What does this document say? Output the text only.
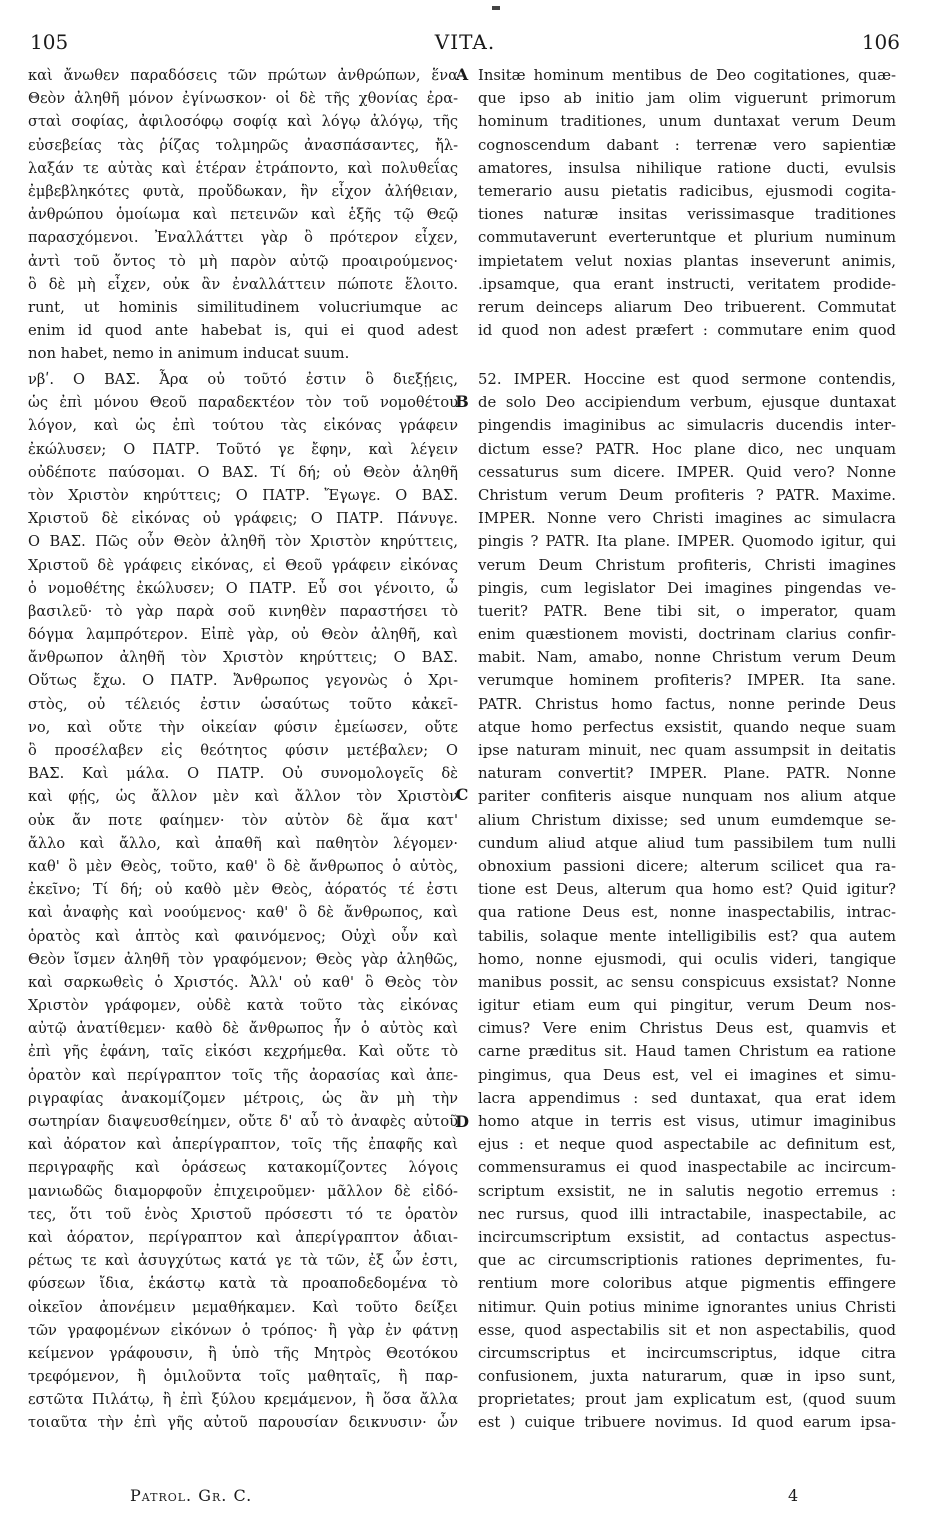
105	VITA.	106
A
B
C
D
καὶ ἄνωθεν παραδόσεις τῶν πρώτων ἀνθρώπων, ἕνα
Θεὸν ἀληθῆ μόνον ἐγίνωσκον· οἱ δὲ τῆς χθονίας ἐρα-
σταὶ σοφίας, ἀφιλοσόφῳ σοφίᾳ καὶ λόγῳ ἀλόγῳ, τῆς
εὐσεβείας τὰς ῥίζας τολμηρῶς ἀνασπάσαντες, ἤλ-
λαξάν τε αὐτὰς καὶ ἑτέραν ἐτράποντο, καὶ πολυθεΐας
ἐμβεβληκότες φυτὰ, προὔδωκαν, ἣν εἶχον ἀλήθειαν,
ἀνθρώπου ὁμοίωμα καὶ πετεινῶν καὶ ἑξῆς τῷ Θεῷ
παρασχόμενοι. Ἐναλλάττει γὰρ ὃ πρότερον εἶχεν,
ἀντὶ τοῦ ὄντος τὸ μὴ παρὸν αὐτῷ προαιρούμενος·
ὃ δὲ μὴ εἶχεν, οὐκ ἂν ἐναλλάττειν πώποτε ἕλοιτο.
Insitæ hominum mentibus de Deo cogitationes, quæ-
que ipso ab initio jam olim viguerunt primorum
hominum traditiones, unum duntaxat verum Deum
cognoscendum dabant : terrenæ vero sapientiæ
amatores, insulsa nihilique ratione ducti, evulsis
temerario ausu pietatis radicibus, ejusmodi cogita-
tiones naturæ insitas verissimasque traditiones
commutaverunt everteruntque et plurium numinum
impietatem velut noxias plantas inseverunt animis,
.ipsamque, qua erant instructi, veritatem prodide-
runt, ut hominis similitudinem volucriumque ac rerum deinceps aliarum Deo tribuerent. Commutat
enim id quod ante habebat is, qui ei quod adest id quod non adest præfert : commutare enim quod
non habet, nemo in animum inducat suum.
νβʹ. Ο ΒΑΣ. Ἆρα οὐ τοῦτό ἐστιν ὃ διεξῄεις,
ὡς ἐπὶ μόνου Θεοῦ παραδεκτέον τὸν τοῦ νομοθέτου
λόγον, καὶ ὡς ἐπὶ τούτου τὰς εἰκόνας γράφειν
ἐκώλυσεν; Ο ΠΑΤΡ. Τοῦτό γε ἔφην, καὶ λέγειν
οὐδέποτε παύσομαι. Ο ΒΑΣ. Τί δή; οὐ Θεὸν ἀληθῆ
τὸν Χριστὸν κηρύττεις; Ο ΠΑΤΡ. Ἔγωγε. Ο ΒΑΣ.
Χριστοῦ δὲ εἰκόνας οὐ γράφεις; Ο ΠΑΤΡ. Πάνυγε.
Ο ΒΑΣ. Πῶς οὖν Θεὸν ἀληθῆ τὸν Χριστὸν κηρύττεις,
Χριστοῦ δὲ γράφεις εἰκόνας, εἰ Θεοῦ γράφειν εἰκόνας
ὁ νομοθέτης ἐκώλυσεν; Ο ΠΑΤΡ. Εὖ σοι γένοιτο, ὦ
βασιλεῦ· τὸ γὰρ παρὰ σοῦ κινηθὲν παραστήσει τὸ
δόγμα λαμπρότερον. Εἰπὲ γὰρ, οὐ Θεὸν ἀληθῆ, καὶ
ἄνθρωπον ἀληθῆ τὸν Χριστὸν κηρύττεις; Ο ΒΑΣ.
Οὕτως ἔχω. Ο ΠΑΤΡ. Ἄνθρωπος γεγονὼς ὁ Χρι-
στὸς, οὐ τέλειός ἐστιν ὡσαύτως τοῦτο κἀκεῖ-
νο, καὶ οὔτε τὴν οἰκείαν φύσιν ἐμείωσεν, οὔτε
ὃ προσέλαβεν εἰς θεότητος φύσιν μετέβαλεν; Ο
ΒΑΣ. Καὶ μάλα. Ο ΠΑΤΡ. Οὐ συνομολογεῖς δὲ
καὶ φῄς, ὡς ἄλλον μὲν καὶ ἄλλον τὸν Χριστὸν
οὐκ ἄν ποτε φαίημεν· τὸν αὐτὸν δὲ ἅμα κατ'
ἄλλο καὶ ἄλλο, καὶ ἀπαθῆ καὶ παθητὸν λέγομεν·
καθ' ὃ μὲν Θεὸς, τοῦτο, καθ' ὃ δὲ ἄνθρωπος ὁ αὐτὸς,
ἐκεῖνο; Τί δή; οὐ καθὸ μὲν Θεὸς, ἀόρατός τέ ἐστι
καὶ ἀναφὴς καὶ νοούμενος· καθ' ὃ δὲ ἄνθρωπος, καὶ
ὁρατὸς καὶ ἁπτὸς καὶ φαινόμενος; Οὐχὶ οὖν καὶ
Θεὸν ἴσμεν ἀληθῆ τὸν γραφόμενον; Θεὸς γὰρ ἀληθῶς,
καὶ σαρκωθεὶς ὁ Χριστός. Ἀλλ' οὐ καθ' ὃ Θεὸς τὸν
Χριστὸν γράφομεν, οὐδὲ κατὰ τοῦτο τὰς εἰκόνας
αὐτῷ ἀνατίθεμεν· καθὸ δὲ ἄνθρωπος ἦν ὁ αὐτὸς καὶ
ἐπὶ γῆς ἐφάνη, ταῖς εἰκόσι κεχρήμεθα. Καὶ οὔτε τὸ
ὁρατὸν καὶ περίγραπτον τοῖς τῆς ἀορασίας καὶ ἀπε-
ριγραφίας ἀνακομίζομεν μέτροις, ὡς ἂν μὴ τὴν
σωτηρίαν διαψευσθείημεν, οὔτε δ' αὖ τὸ ἀναφὲς αὐτοῦ
καὶ ἀόρατον καὶ ἀπερίγραπτον, τοῖς τῆς ἐπαφῆς καὶ
περιγραφῆς καὶ ὁράσεως κατακομίζοντες λόγοις
μανιωδῶς διαμορφοῦν ἐπιχειροῦμεν· μᾶλλον δὲ εἰδό-
τες, ὅτι τοῦ ἑνὸς Χριστοῦ πρόσεστι τό τε ὁρατὸν
καὶ ἀόρατον, περίγραπτον καὶ ἀπερίγραπτον ἀδιαι-
ρέτως τε καὶ ἀσυγχύτως κατά γε τὰ τῶν, ἐξ ὧν ἐστι,
φύσεων ἴδια, ἑκάστῳ κατὰ τὰ προαποδεδομένα τὸ
οἰκεῖον ἀπονέμειν μεμαθήκαμεν. Καὶ τοῦτο δείξει
τῶν γραφομένων εἰκόνων ὁ τρόπος· ἢ γὰρ ἐν φάτνῃ
κείμενον γράφουσιν, ἢ ὑπὸ τῆς Μητρὸς Θεοτόκου
τρεφόμενον, ἢ ὁμιλοῦντα τοῖς μαθηταῖς, ἢ παρ-
εστῶτα Πιλάτῳ, ἢ ἐπὶ ξύλου κρεμάμενον, ἢ ὅσα ἄλλα
τοιαῦτα τὴν ἐπὶ γῆς αὐτοῦ παρουσίαν δεικνυσιν· ὧν
52. IMPER. Hoccine est quod sermone contendis,
de solo Deo accipiendum verbum, ejusque duntaxat
pingendis imaginibus ac simulacris ducendis inter-
dictum esse? PATR. Hoc plane dico, nec unquam
cessaturus sum dicere. IMPER. Quid vero? Nonne
Christum verum Deum profiteris ? PATR. Maxime.
IMPER. Nonne vero Christi imagines ac simulacra
pingis ? PATR. Ita plane. IMPER. Quomodo igitur, qui
verum Deum Christum profiteris, Christi imagines
pingis, cum legislator Dei imagines pingendas ve-
tuerit? PATR. Bene tibi sit, o imperator, quam
enim quæstionem movisti, doctrinam clarius confir-
mabit. Nam, amabo, nonne Christum verum Deum
verumque hominem profiteris? IMPER. Ita sane.
PATR. Christus homo factus, nonne perinde Deus
atque homo perfectus exsistit, quando neque suam
ipse naturam minuit, nec quam assumpsit in deitatis
naturam convertit? IMPER. Plane. PATR. Nonne
pariter confiteris aisque nunquam nos alium atque
alium Christum dixisse; sed unum eumdemque se-
cundum aliud atque aliud tum passibilem tum nulli
obnoxium passioni dicere; alterum scilicet qua ra-
tione est Deus, alterum qua homo est? Quid igitur?
qua ratione Deus est, nonne inaspectabilis, intrac-
tabilis, solaque mente intelligibilis est? qua autem
homo, nonne ejusmodi, qui oculis videri, tangique
manibus possit, ac sensu conspicuus exsistat? Nonne
igitur etiam eum qui pingitur, verum Deum nos-
cimus? Vere enim Christus Deus est, quamvis et
carne præditus sit. Haud tamen Christum ea ratione
pingimus, qua Deus est, vel ei imagines et simu-
lacra appendimus : sed duntaxat, qua erat idem
homo atque in terris est visus, utimur imaginibus
ejus : et neque quod aspectabile ac definitum est,
commensuramus ei quod inaspectabile ac incircum-
scriptum exsistit, ne in salutis negotio erremus :
nec rursus, quod illi intractabile, inaspectabile, ac
incircumscriptum exsistit, ad contactus aspectus-
que ac circumscriptionis rationes deprimentes, fu-
rentium more coloribus atque pigmentis effingere
nitimur. Quin potius minime ignorantes unius Christi
esse, quod aspectabilis sit et non aspectabilis, quod
circumscriptus et incircumscriptus, idque citra
confusionem, juxta naturarum, quæ in ipso sunt,
proprietates; prout jam explicatum est, (quod suum
est ) cuique tribuere novimus. Id quod earum ipsa-
Patrol. Gr. C.	4
